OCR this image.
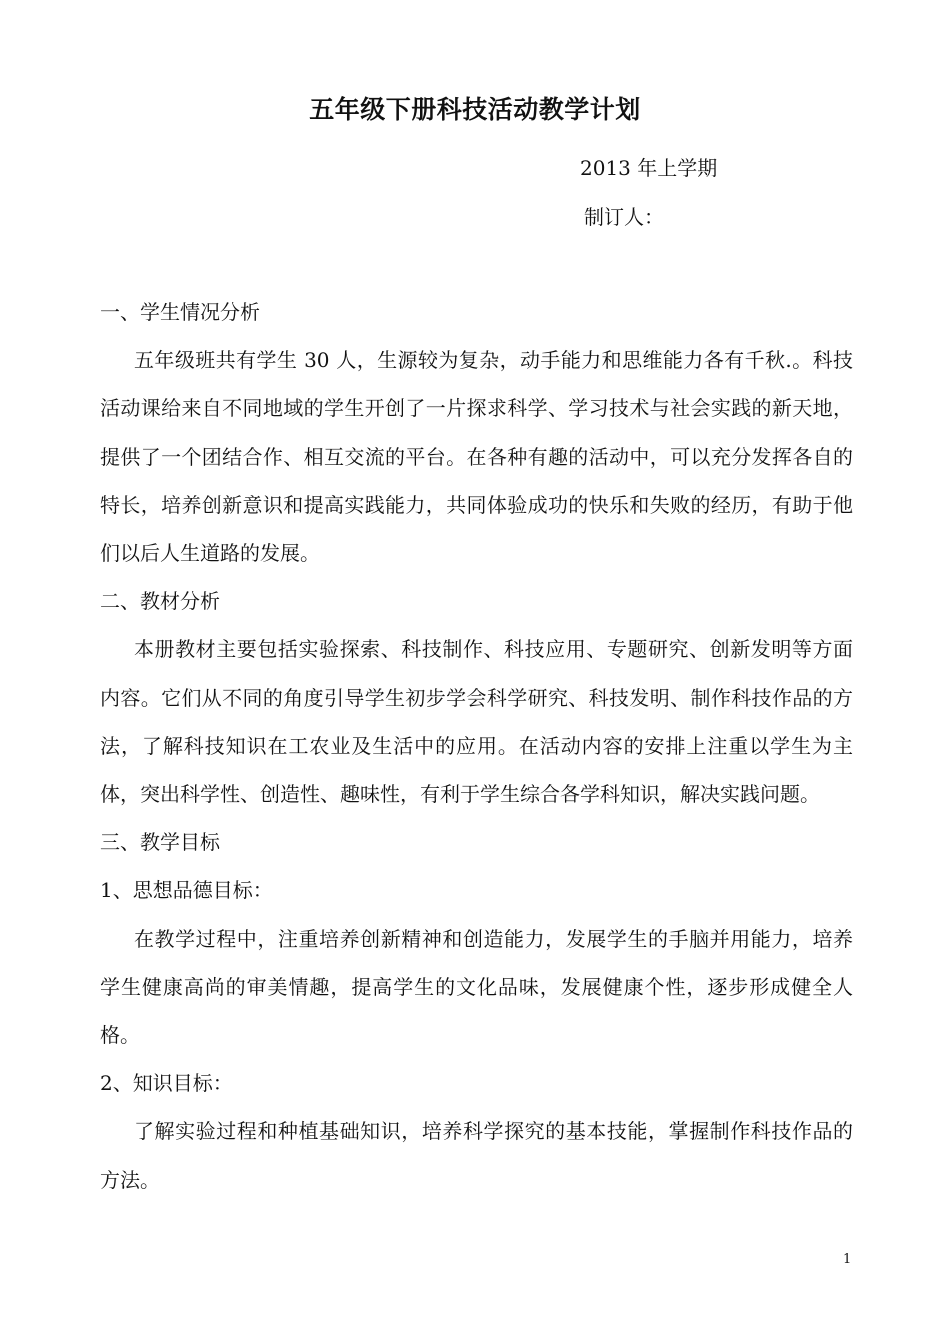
五年级下册科技活动教学计划
2013 年上学期
制订人：

一、学生情况分析

五年级班共有学生 30 人，生源较为复杂，动手能力和思维能力各有千秋.。科技活动课给来自不同地域的学生开创了一片探求科学、学习技术与社会实践的新天地，提供了一个团结合作、相互交流的平台。在各种有趣的活动中，可以充分发挥各自的特长，培养创新意识和提高实践能力，共同体验成功的快乐和失败的经历，有助于他们以后人生道路的发展。

二、教材分析

本册教材主要包括实验探索、科技制作、科技应用、专题研究、创新发明等方面内容。它们从不同的角度引导学生初步学会科学研究、科技发明、制作科技作品的方法，了解科技知识在工农业及生活中的应用。在活动内容的安排上注重以学生为主体，突出科学性、创造性、趣味性，有利于学生综合各学科知识，解决实践问题。

三、教学目标

1、思想品德目标：

在教学过程中，注重培养创新精神和创造能力，发展学生的手脑并用能力，培养学生健康高尚的审美情趣，提高学生的文化品味，发展健康个性，逐步形成健全人格。

2、知识目标：

了解实验过程和种植基础知识，培养科学探究的基本技能，掌握制作科技作品的方法。

1
